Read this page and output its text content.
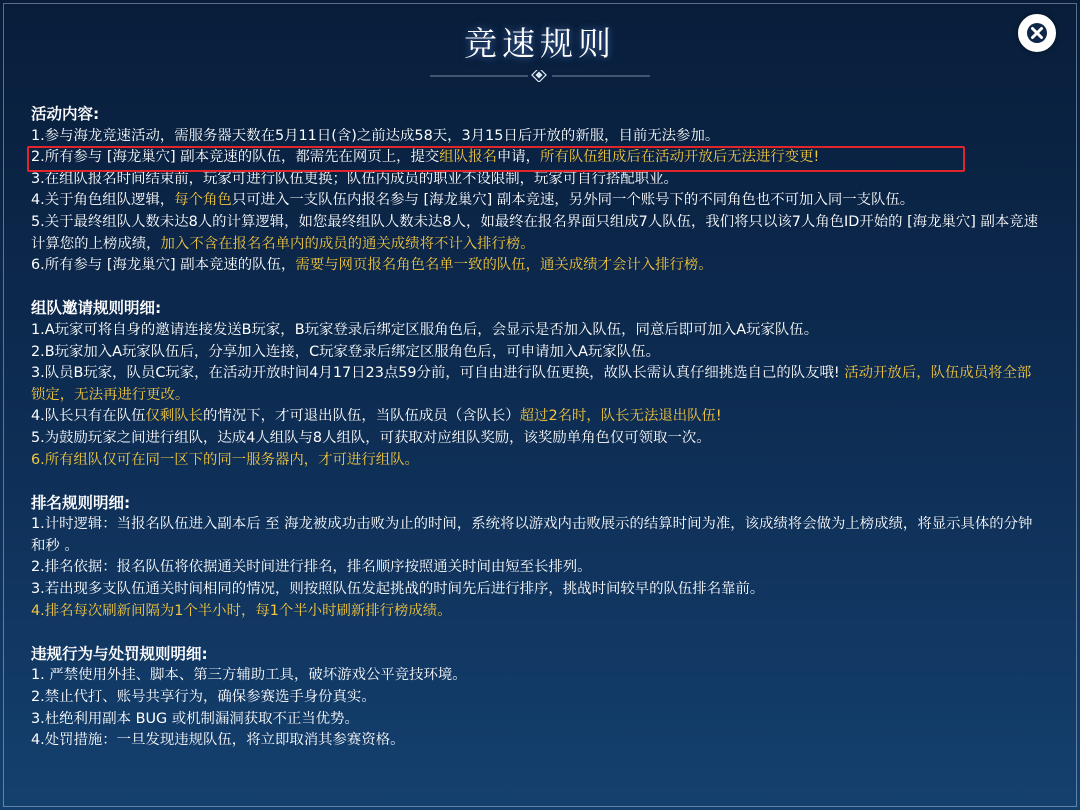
竞速规则
活动内容:
1.参与海龙竞速活动，需服务器天数在5月11日(含)之前达成58天，3月15日后开放的新服，目前无法参加。
2.所有参与 [海龙巢穴] 副本竞速的队伍，都需先在网页上，提交组队报名申请，所有队伍组成后在活动开放后无法进行变更!
3.在组队报名时间结束前，玩家可进行队伍更换；队伍内成员的职业不设限制，玩家可自行搭配职业。
4.关于角色组队逻辑，每个角色只可进入一支队伍内报名参与 [海龙巢穴] 副本竞速，另外同一个账号下的不同角色也不可加入同一支队伍。
5.关于最终组队人数未达8人的计算逻辑，如您最终组队人数未达8人，如最终在报名界面只组成7人队伍，我们将只以该7人角色ID开始的 [海龙巢穴] 副本竞速 计算您的上榜成绩，加入不含在报名名单内的成员的通关成绩将不计入排行榜。
6.所有参与 [海龙巢穴] 副本竞速的队伍，需要与网页报名角色名单一致的队伍，通关成绩才会计入排行榜。
组队邀请规则明细:
1.A玩家可将自身的邀请连接发送B玩家，B玩家登录后绑定区服角色后，会显示是否加入队伍，同意后即可加入A玩家队伍。
2.B玩家加入A玩家队伍后，分享加入连接，C玩家登录后绑定区服角色后，可申请加入A玩家队伍。
3.队员B玩家，队员C玩家，在活动开放时间4月17日23点59分前，可自由进行队伍更换，故队长需认真仔细挑选自己的队友哦! 活动开放后，队伍成员将全部锁定，无法再进行更改。
4.队长只有在队伍仅剩队长的情况下，才可退出队伍，当队伍成员（含队长）超过2名时，队长无法退出队伍!
5.为鼓励玩家之间进行组队，达成4人组队与8人组队，可获取对应组队奖励，该奖励单角色仅可领取一次。
6.所有组队仅可在同一区下的同一服务器内，才可进行组队。
排名规则明细:
1.计时逻辑：当报名队伍进入副本后 至 海龙被成功击败为止的时间，系统将以游戏内击败展示的结算时间为准，该成绩将会做为上榜成绩，将显示具体的分钟和秒 。
2.排名依据：报名队伍将依据通关时间进行排名，排名顺序按照通关时间由短至长排列。
3.若出现多支队伍通关时间相同的情况，则按照队伍发起挑战的时间先后进行排序，挑战时间较早的队伍排名靠前。
4.排名每次刷新间隔为1个半小时，每1个半小时刷新排行榜成绩。
违规行为与处罚规则明细:
1. 严禁使用外挂、脚本、第三方辅助工具，破坏游戏公平竞技环境。
2.禁止代打、账号共享行为，确保参赛选手身份真实。
3.杜绝利用副本 BUG 或机制漏洞获取不正当优势。
4.处罚措施：一旦发现违规队伍，将立即取消其参赛资格。
